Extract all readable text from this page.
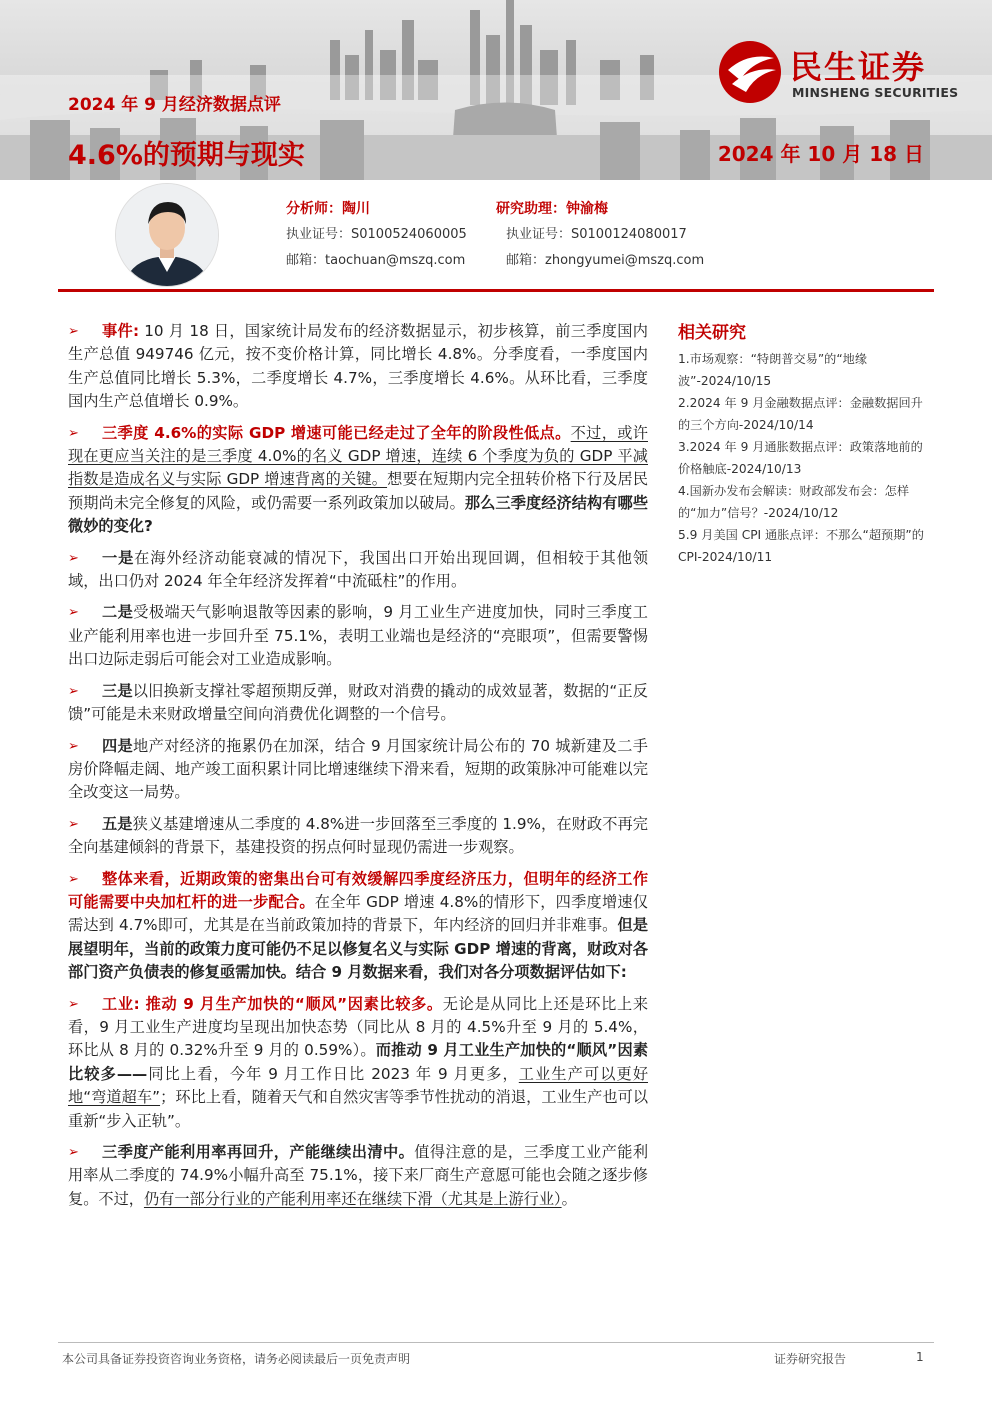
民生证券
MINSHENG SECURITIES
2024 年 9 月经济数据点评
4.6%的预期与现实	2024 年 10 月 18 日
分析师：陶川
执业证号：S0100524060005
邮箱：taochuan@mszq.com
研究助理：钟渝梅
执业证号：S0100124080017
邮箱：zhongyumei@mszq.com

➢ 事件: 10 月 18 日，国家统计局发布的经济数据显示，初步核算，前三季度国内生产总值 949746 亿元，按不变价格计算，同比增长 4.8%。分季度看，一季度国内生产总值同比增长 5.3%，二季度增长 4.7%，三季度增长 4.6%。从环比看，三季度国内生产总值增长 0.9%。

➢ 三季度 4.6%的实际 GDP 增速可能已经走过了全年的阶段性低点。不过，或许现在更应当关注的是三季度 4.0%的名义 GDP 增速，连续 6 个季度为负的 GDP 平减指数是造成名义与实际 GDP 增速背离的关键。想要在短期内完全扭转价格下行及居民预期尚未完全修复的风险，或仍需要一系列政策加以破局。那么三季度经济结构有哪些微妙的变化?

➢ 一是在海外经济动能衰减的情况下，我国出口开始出现回调，但相较于其他领域，出口仍对 2024 年全年经济发挥着“中流砥柱”的作用。

➢ 二是受极端天气影响退散等因素的影响，9 月工业生产进度加快，同时三季度工业产能利用率也进一步回升至 75.1%，表明工业端也是经济的“亮眼项”，但需要警惕出口边际走弱后可能会对工业造成影响。

➢ 三是以旧换新支撑社零超预期反弹，财政对消费的撬动的成效显著，数据的“正反馈”可能是未来财政增量空间向消费优化调整的一个信号。

➢ 四是地产对经济的拖累仍在加深，结合 9 月国家统计局公布的 70 城新建及二手房价降幅走阔、地产竣工面积累计同比增速继续下滑来看，短期的政策脉冲可能难以完全改变这一局势。

➢ 五是狭义基建增速从二季度的 4.8%进一步回落至三季度的 1.9%，在财政不再完全向基建倾斜的背景下，基建投资的拐点何时显现仍需进一步观察。

➢ 整体来看，近期政策的密集出台可有效缓解四季度经济压力，但明年的经济工作可能需要中央加杠杆的进一步配合。在全年 GDP 增速 4.8%的情形下，四季度增速仅需达到 4.7%即可，尤其是在当前政策加持的背景下，年内经济的回归并非难事。但是展望明年，当前的政策力度可能仍不足以修复名义与实际 GDP 增速的背离，财政对各部门资产负债表的修复亟需加快。结合 9 月数据来看，我们对各分项数据评估如下:

➢ 工业: 推动 9 月生产加快的“顺风”因素比较多。无论是从同比上还是环比上来看，9 月工业生产进度均呈现出加快态势（同比从 8 月的 4.5%升至 9 月的 5.4%，环比从 8 月的 0.32%升至 9 月的 0.59%）。而推动 9 月工业生产加快的“顺风”因素比较多——同比上看，今年 9 月工作日比 2023 年 9 月更多，工业生产可以更好地“弯道超车”；环比上看，随着天气和自然灾害等季节性扰动的消退，工业生产也可以重新“步入正轨”。

➢ 三季度产能利用率再回升，产能继续出清中。值得注意的是，三季度工业产能利用率从二季度的 74.9%小幅升高至 75.1%，接下来厂商生产意愿可能也会随之逐步修复。不过，仍有一部分行业的产能利用率还在继续下滑（尤其是上游行业）。

相关研究

1.市场观察：“特朗普交易”的“地缘波”-2024/10/15

2.2024 年 9 月金融数据点评：金融数据回升的三个方向-2024/10/14

3.2024 年 9 月通胀数据点评：政策落地前的价格触底-2024/10/13

4.国新办发布会解读：财政部发布会：怎样的“加力”信号？-2024/10/12

5.9 月美国 CPI 通胀点评：不那么“超预期”的 CPI-2024/10/11

本公司具备证券投资咨询业务资格，请务必阅读最后一页免责声明	证券研究报告	1
